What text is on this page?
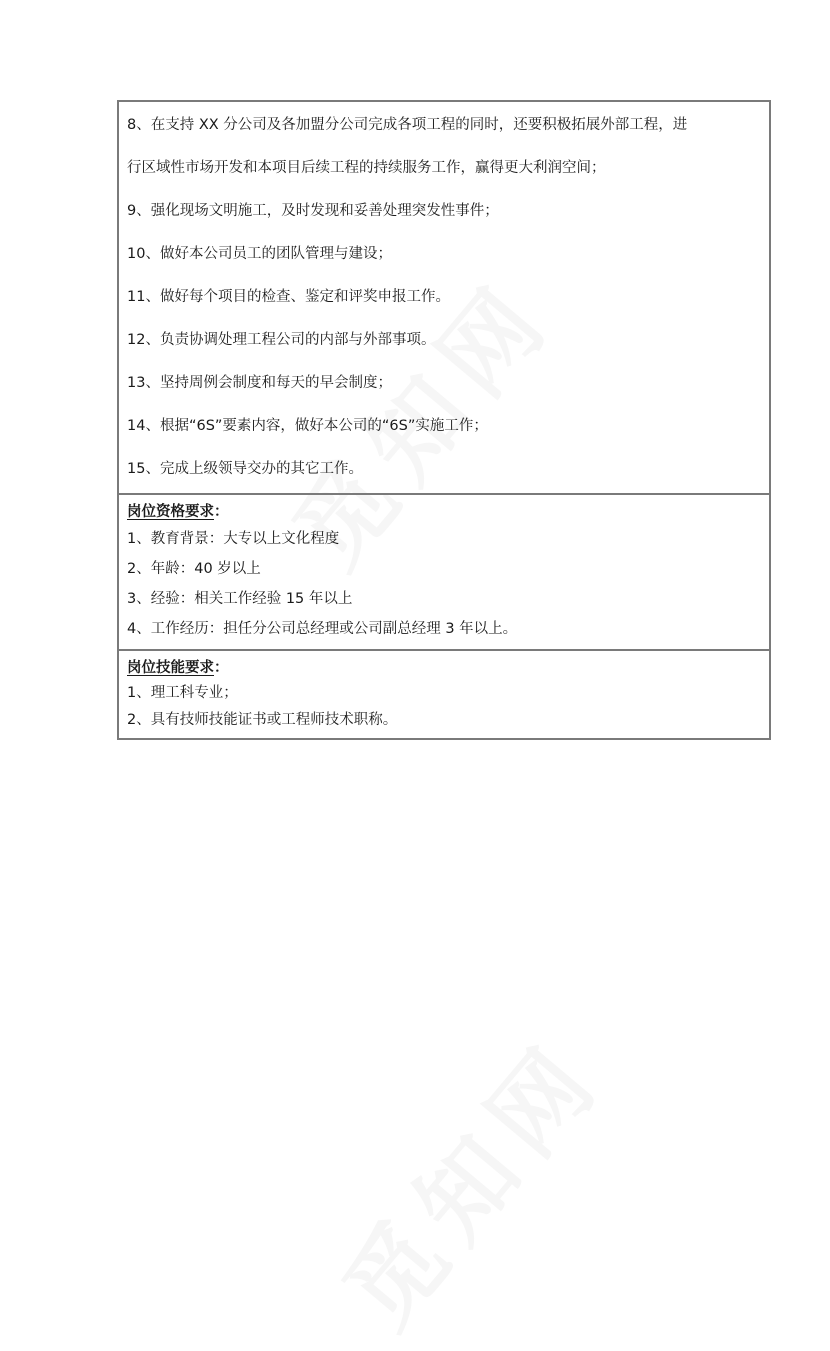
8、在支持 XX 分公司及各加盟分公司完成各项工程的同时，还要积极拓展外部工程，进
行区域性市场开发和本项目后续工程的持续服务工作，赢得更大利润空间；
9、强化现场文明施工，及时发现和妥善处理突发性事件；
10、做好本公司员工的团队管理与建设；
11、做好每个项目的检查、鉴定和评奖申报工作。
12、负责协调处理工程公司的内部与外部事项。
13、坚持周例会制度和每天的早会制度；
14、根据“6S”要素内容，做好本公司的“6S”实施工作；
15、完成上级领导交办的其它工作。
岗位资格要求：
1、教育背景：大专以上文化程度
2、年龄：40 岁以上
3、经验：相关工作经验 15 年以上
4、工作经历：担任分公司总经理或公司副总经理 3 年以上。
岗位技能要求：
1、理工科专业；
2、具有技师技能证书或工程师技术职称。
